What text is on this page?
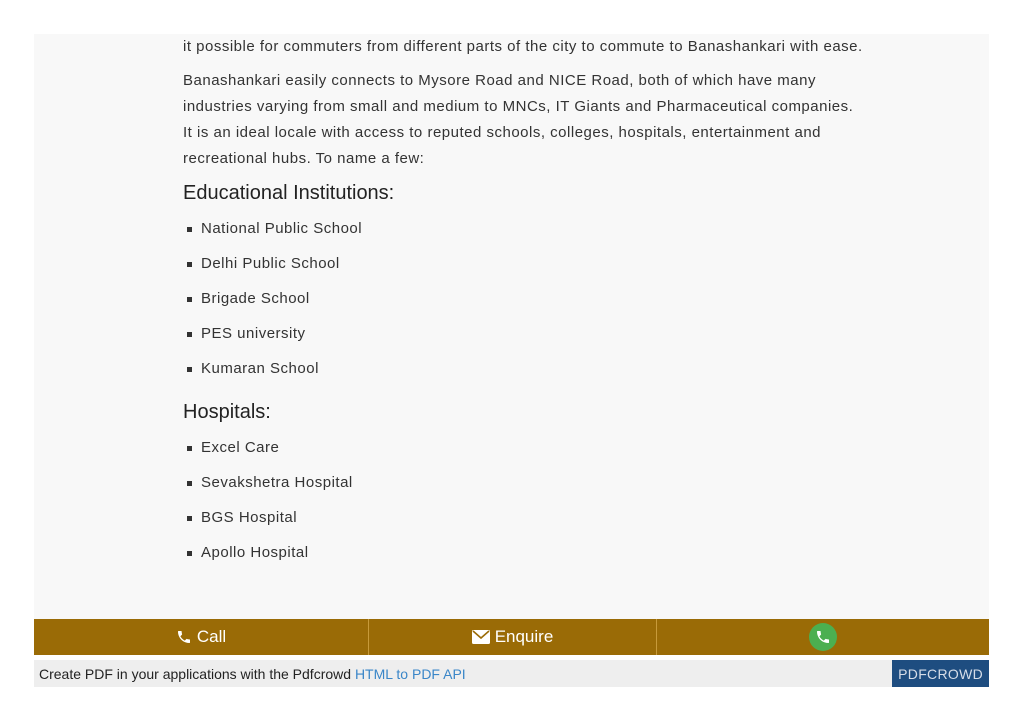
it possible for commuters from different parts of the city to commute to Banashankari with ease.

Banashankari easily connects to Mysore Road and NICE Road, both of which have many industries varying from small and medium to MNCs, IT Giants and Pharmaceutical companies. It is an ideal locale with access to reputed schools, colleges, hospitals, entertainment and recreational hubs. To name a few:

Educational Institutions:
National Public School
Delhi Public School
Brigade School
PES university
Kumaran School
Hospitals:
Excel Care
Sevakshetra Hospital
BGS Hospital
Apollo Hospital
Call	Enquire
Create PDF in your applications with the Pdfcrowd HTML to PDF API	PDFCROWD
